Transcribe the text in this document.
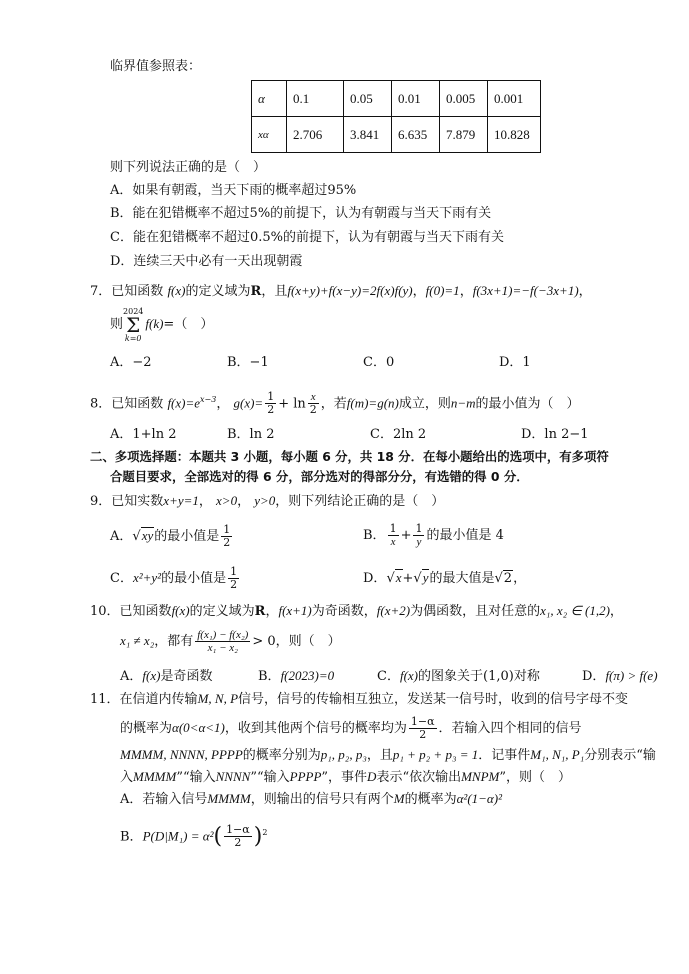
临界值参照表：
α	0.1	0.05	0.01	0.005	0.001
xα	2.706	3.841	6.635	7.879	10.828
则下列说法正确的是（　）
A．如果有朝霞，当天下雨的概率超过95%
B．能在犯错概率不超过5%的前提下，认为有朝霞与当天下雨有关
C．能在犯错概率不超过0.5%的前提下，认为有朝霞与当天下雨有关
D．连续三天中必有一天出现朝霞
7．已知函数 f(x)的定义域为R，且f(x+y)+f(x−y)=2f(x)f(y)，f(0)=1，f(3x+1)=−f(−3x+1)，
则
2024
Σ
k=0
f(k)=（　）
A．−2	B．−1	C．0	D．1
8．已知函数 $f(x)=e^{x-3}$， $g(x)= \frac{1}{2} + \ln \frac{x}{2}$ ，若f(m)=g(n)成立，则n−m的最小值为（　）
A．1+ln 2	B．ln 2	C．2ln 2	D．ln 2−1
二、多项选择题：本题共 3 小题，每小题 6 分，共 18 分．在每小题给出的选项中，有多项符
合题目要求，全部选对的得 6 分，部分选对的得部分分，有选错的得 0 分．
9．已知实数x+y=1， x>0， y>0，则下列结论正确的是（　）
A．√xy的最小值是 $\frac{1}{2}$	B． $\frac{1}{x} + \frac{1}{y}$ 的最小值是 4
C．x²+y²的最小值是 $\frac{1}{2}$	D．√x+√y的最大值是√2，
10．已知函数f(x)的定义域为R，f(x+1)为奇函数，f(x+2)为偶函数，且对任意的x₁, x₂ ∈ (1,2)，
x₁ ≠ x₂，都有 $\frac{\text{f(x₁) − f(x₂)}}{\text{x₁ − x₂}} > 0$，则（　）
A．f(x)是奇函数	B．f(2023)=0	C．f(x)的图象关于(1,0)对称	D．f(π) > f(e)
11．在信道内传输M, N, P信号，信号的传输相互独立，发送某一信号时，收到的信号字母不变
的概率为α(0<α<1)，收到其他两个信号的概率均为 $\frac{1-\alpha}{2}$ ．若输入四个相同的信号
MMMM, NNNN, PPPP的概率分别为p₁, p₂, p₃，且p₁ + p₂ + p₃ = 1．记事件M₁, N₁, P₁分别表示“输
入MMMM”“输入NNNN”“输入PPPP”，事件D表示“依次输出MNPM”，则（　）
A．若输入信号MMMM，则输出的信号只有两个M的概率为α²(1−α)²
B．$P(D|M_1) = \alpha^2( \frac{1-\alpha}{2} )^2$
